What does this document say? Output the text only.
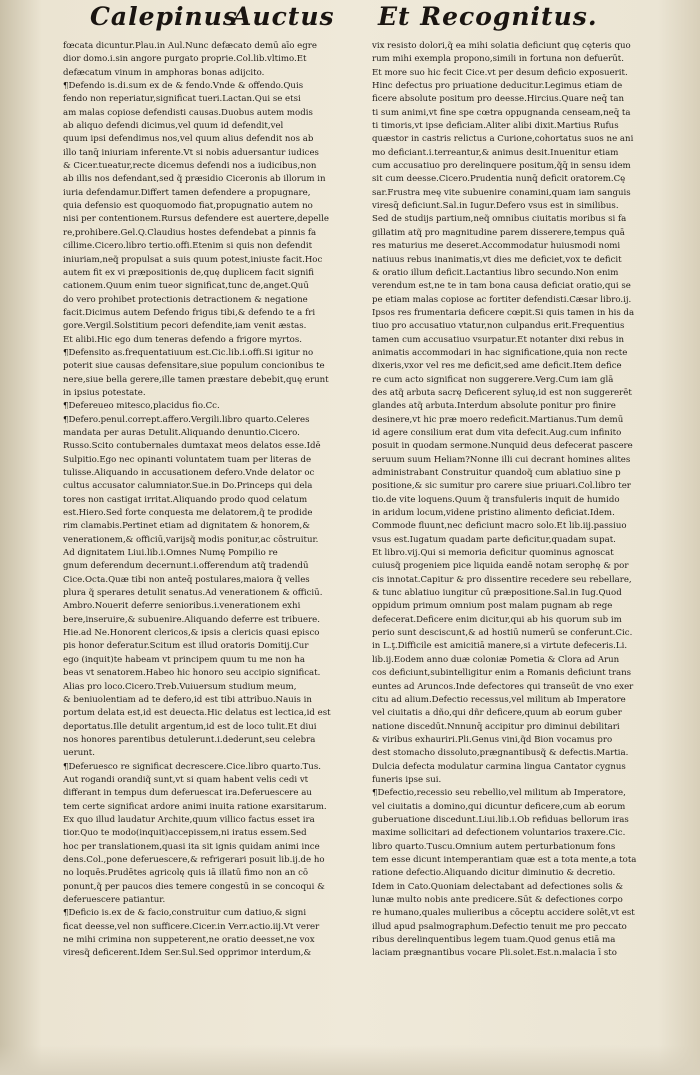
Calepinus
Auctus Et Recognitus.
fœcata dicuntur.Plau.in Aul.Nunc defæcato demū aīo egre
dior domo.i.sin angore purgato proprie.Col.lib.vltimo.Et
defæcatum vinum in amphoras bonas adijcito.
¶Defendo is.di.sum ex de & fendo.Vnde & offendo.Quis
fendo non reperiatur,significat tueri.Lactan.Qui se etsi
am malas copiose defendisti causas.Duobus autem modis
ab aliquo defendi dicimus,vel quum id defendit,vel
quum ipsi defendimus nos,vel quum alius defendit nos ab
illo tanq̄ iniuriam inferente.Vt si nobis aduersantur iudices
& Cicer.tueatur,recte dicemus defendi nos a iudicibus,non
ab illis nos defendant,sed q̃ præsidio Ciceronis ab illorum in
iuria defendamur.Differt tamen defendere a propugnare,
quia defensio est quoquomodo fiat,propugnatio autem no
nisi per contentionem.Rursus defendere est auertere,depelle
re,prohibere.Gel.Q.Claudius hostes defendebat a pinnis fa
cillime.Cicero.libro tertio.offi.Etenim si quis non defendit
iniuriam,neq̃ propulsat a suis quum potest,iniuste facit.Hoc
autem fit ex vi præpositionis de,quę duplicem facit signifi
cationem.Quum enim tueor significat,tunc de,anget.Quū
do vero prohibet protectionis detractionem & negatione
facit.Dicimus autem Defendo frigus tibi,& defendo te a fri
gore.Vergil.Solstitium pecori defendite,iam venit æstas.
Et alibi.Hic ego dum teneras defendo a frigore myrtos.
¶Defensito as.frequentatiuum est.Cic.lib.i.offi.Si igitur no
poterit siue causas defensitare,siue populum concionibus te
nere,siue bella gerere,ille tamen præstare debebit,quę erunt
in ipsius potestate.
¶Defereueo mitesco,placidus fio.Cc.
¶Defero.penul.corrept.affero.Vergili.libro quarto.Celeres
mandata per auras Detulit.Aliquando denuntio.Cicero.
Russo.Scito contubernales dumtaxat meos delatos esse.Idē
Sulpitio.Ego nec opinanti voluntatem tuam per literas de
tulisse.Aliquando in accusationem defero.Vnde delator oc
cultus accusator calumniator.Sue.in Do.Princeps qui dela
tores non castigat irritat.Aliquando prodo quod celatum
est.Hiero.Sed forte conquesta me delatorem,q̃ te prodide
rim clamabis.Pertinet etiam ad dignitatem & honorem,&
venerationem,& officiū,varijsq̃ modis ponitur,ac cōstruitur.
Ad dignitatem Liui.lib.i.Omnes Numę Pompilio re
gnum deferendum decernunt.i.offerendum atq̃ tradendū
Cice.Octa.Quæ tibi non anteq̄ postulares,maiora q̃ velles
plura q̃ sperares detulit senatus.Ad venerationem & officiū.
Ambro.Nouerit deferre senioribus.i.venerationem exhi
bere,inseruire,& subuenire.Aliquando deferre est tribuere.
Hie.ad Ne.Honorent clericos,& ipsis a clericis quasi episco
pis honor deferatur.Scitum est illud oratoris Domitij.Cur
ego (inquit)te habeam vt principem quum tu me non ha
beas vt senatorem.Habeo hic honoro seu accipio significat.
Alias pro loco.Cicero.Treb.Vuiuersum studium meum,
& beniuolentiam ad te defero,id est tibi attribuo.Nauis in
portum delata est,id est deuecta.Hic delatus est lectica,id est
deportatus.Ille detulit argentum,id est de loco tulit.Et diui
nos honores parentibus detulerunt.i.dederunt,seu celebra
uerunt.
¶Deferuesco re significat decrescere.Cice.libro quarto.Tus.
Aut rogandi orandiq̃ sunt,vt si quam habent velis cedi vt
differant in tempus dum deferuescat ira.Deferuescere au
tem certe significat ardore animi inuita ratione exarsitarum.
Ex quo illud laudatur Archite,quum villico factus esset ira
tior.Quo te modo(inquit)accepissem,ni iratus essem.Sed
hoc per translationem,quasi ita sit ignis quidam animi ince
dens.Col.,pone deferuescere,& refrigerari posuit lib.ij.de ho
no loquēs.Prudētes agricolę quis iā illatū fimo non an cō
ponunt,q̃ per paucos dies temere congestū in se concoqui &
deferuescere patiantur.
¶Deficio is.ex de & facio,construitur cum datiuo,& signi
ficat deesse,vel non sufficere.Cicer.in Verr.actio.iij.Vt verer
ne mihi crimina non suppeterent,ne oratio deesset,ne vox
viresq̃ deficerent.Idem Ser.Sul.Sed opprimor interdum,&
vix resisto dolori,q̃ ea mihi solatia deficiunt quę cęteris quo
rum mihi exempla propono,simili in fortuna non defuerūt.
Et more suo hic fecit Cice.vt per desum deficio exposuerit.
Hinc defectus pro priuatione deducitur.Legimus etiam de
ficere absolute positum pro deesse.Hircius.Quare neq̄ tan
ti sum animi,vt fine spe cœtra oppugnanda censeam,neq̄ ta
ti timoris,vt ipse deficiam.Aliter alibi dixit.Martius Rufus
quæstor in castris relictus a Curione,cohortatus suos ne ani
mo deficiant.i.terreantur,& animus desit.Inuenitur etiam
cum accusatiuo pro derelinquere positum,q̃q̄ in sensu idem
sit cum deesse.Cicero.Prudentia nunq̄ deficit oratorem.Cę
sar.Frustra meę vite subuenire conamini,quam iam sanguis
viresq̄ deficiunt.Sal.in Iugur.Defero vsus est in similibus.
Sed de studijs partium,neq̃ omnibus ciuitatis moribus si fa
gillatim atq̃ pro magnitudine parem disserere,tempus quā
res maturius me deseret.Accommodatur huiusmodi nomi
natiuus rebus inanimatis,vt dies me deficiet,vox te deficit
& oratio illum deficit.Lactantius libro secundo.Non enim
verendum est,ne te in tam bona causa deficiat oratio,qui se
pe etiam malas copiose ac fortiter defendisti.Cæsar libro.ij.
Ipsos res frumentaria deficere cœpit.Si quis tamen in his da
tiuo pro accusatiuo vtatur,non culpandus erit.Frequentius
tamen cum accusatiuo vsurpatur.Et notanter dixi rebus in
animatis accommodari in hac significatione,quia non recte
dixeris,vxor vel res me deficit,sed ame deficit.Item defice
re cum acto significat non suggerere.Verg.Cum iam glā
des atq̃ arbuta sacrę Deficerent syluę,id est non suggererēt
glandes atq̃ arbuta.Interdum absolute ponitur pro finire
desinere,vt hic præ moero redeficit.Martianus.Tum demū
id agere consilium erat dum vita defecit.Aug.cum infinito
posuit in quodam sermone.Nunquid deus defecerat pascere
seruum suum Heliam?Nonne illi cui decrant homines alites
administrabant Construitur quandoq̃ cum ablatiuo sine p
positione,& sic sumitur pro carere siue priuari.Col.libro ter
tio.de vite loquens.Quum q̃ transfuleris inquit de humido
in aridum locum,videne pristino alimento deficiat.Idem.
Commode fluunt,nec deficiunt macro solo.Et lib.iij.passiuo
vsus est.Iugatum quadam parte deficitur,quadam supat.
Et libro.vij.Qui si memoria deficitur quominus agnoscat
cuiusq̃ progeniem pice liquida eandē notam serophę & por
cis innotat.Capitur & pro dissentire recedere seu rebellare,
& tunc ablatiuo iungitur cū præpositione.Sal.in Iug.Quod
oppidum primum omnium post malam pugnam ab rege
defecerat.Deficere enim dicitur,qui ab his quorum sub im
perio sunt desciscunt,& ad hostiū numerū se conferunt.Cic.
in L.ţ.Difficile est amicitiā manere,si a virtute defeceris.Li.
lib.ij.Eodem anno duæ coloniæ Pometia & Clora ad Arun
cos deficiunt,subintelligitur enim a Romanis deficiunt trans
euntes ad Aruncos.Inde defectores qui transeūt de vno exer
citu ad alium.Defectio recessus,vel militum ab Imperatore
vel ciuitatis a dño,qui dñr deficere,quum ab eorum guber
natione discedūt.Nnnunq̄ accipitur pro diminui debilitari
& viribus exhauriri.Pli.Genus vini,q̃d Bion vocamus pro
dest stomacho dissoluto,prægnantibusq̃ & defectis.Martia.
Dulcia defecta modulatur carmina lingua Cantator cygnus
funeris ipse sui.
¶Defectio,recessio seu rebellio,vel militum ab Imperatore,
vel ciuitatis a domino,qui dicuntur deficere,cum ab eorum
guberuatione discedunt.Liui.lib.i.Ob refiduas bellorum iras
maxime sollicitari ad defectionem voluntarios traxere.Cic.
libro quarto.Tuscu.Omnium autem perturbationum fons
tem esse dicunt intemperantiam quæ est a tota mente,a tota
ratione defectio.Aliquando dicitur diminutio & decretio.
Idem in Cato.Quoniam delectabant ad defectiones solis &
lunæ multo nobis ante predicere.Sūt & defectiones corpo
re humano,quales mulieribus a cōceptu accidere solēt,vt est
illud apud psalmographum.Defectio tenuit me pro peccato
ribus derelinquentibus legem tuam.Quod genus etiā ma
laciam prægnantibus vocare Pli.solet.Est.n.malacia ī sto
